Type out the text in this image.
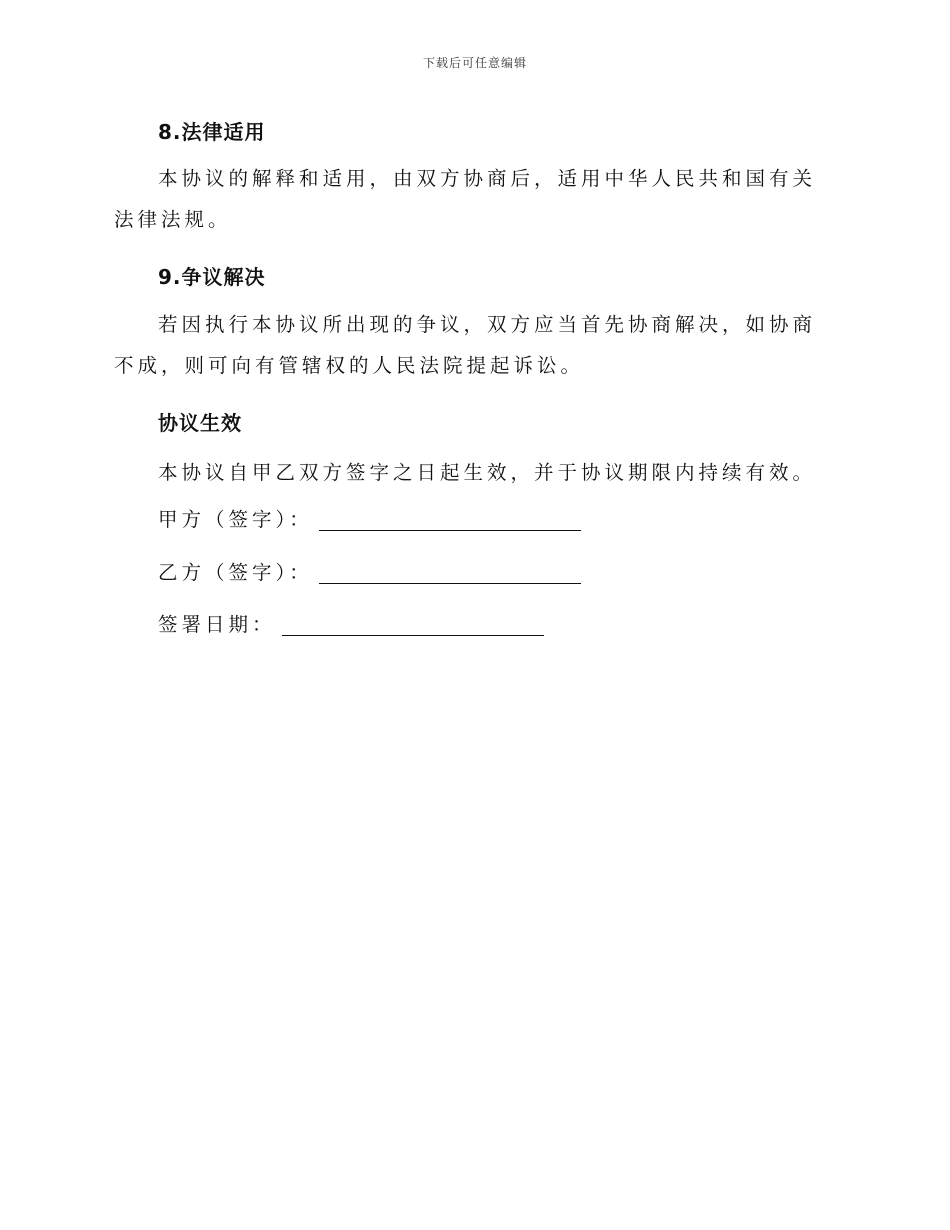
下载后可任意编辑
8.法律适用

本协议的解释和适用，由双方协商后，适用中华人民共和国有关法律法规。

9.争议解决

若因执行本协议所出现的争议，双方应当首先协商解决，如协商不成，则可向有管辖权的人民法院提起诉讼。

协议生效
本协议自甲乙双方签字之日起生效，并于协议期限内持续有效。
甲方（签字）：
乙方（签字）：
签署日期：
